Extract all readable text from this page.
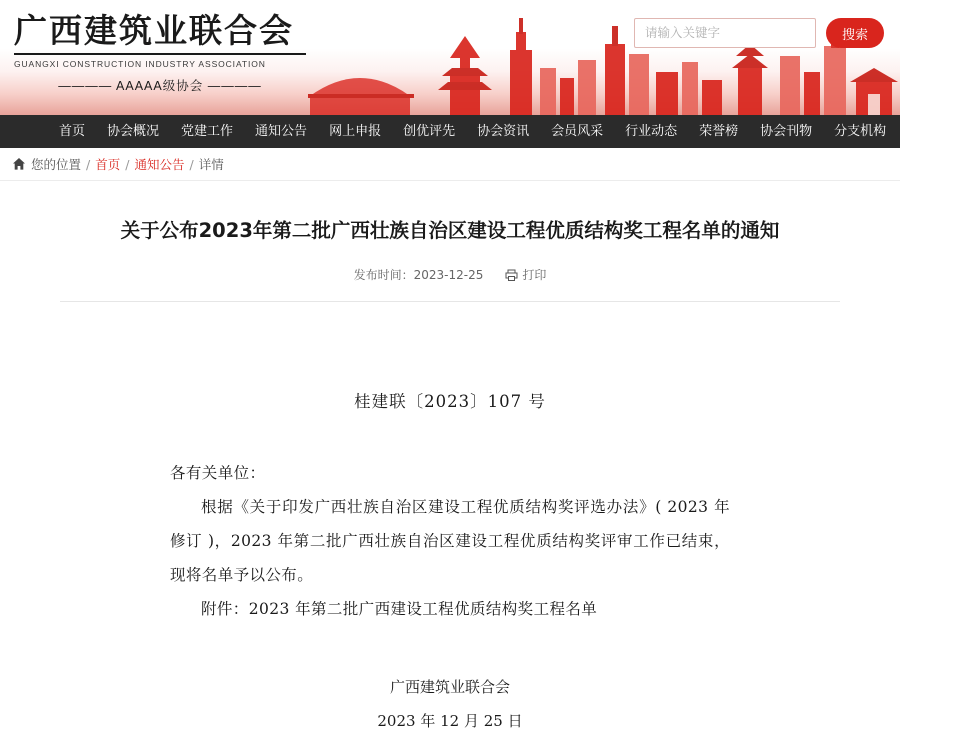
广西建筑业联合会
GUANGXI CONSTRUCTION INDUSTRY ASSOCIATION
———— AAAAA级协会 ————
请输入关键字
搜索
首页	协会概况	党建工作	通知公告	网上申报	创优评先	协会资讯	会员风采	行业动态	荣誉榜	协会刊物	分支机构	联系我们
您的位置 / 首页 / 通知公告 / 详情
关于公布2023年第二批广西壮族自治区建设工程优质结构奖工程名单的通知
发布时间： 2023-12-25	打印
桂建联〔2023〕107 号

各有关单位：

根据《关于印发广西壮族自治区建设工程优质结构奖评选办法》( 2023 年修订 )，2023 年第二批广西壮族自治区建设工程优质结构奖评审工作已结束，现将名单予以公布。

附件：2023 年第二批广西建设工程优质结构奖工程名单

广西建筑业联合会
2023 年 12 月 25 日
